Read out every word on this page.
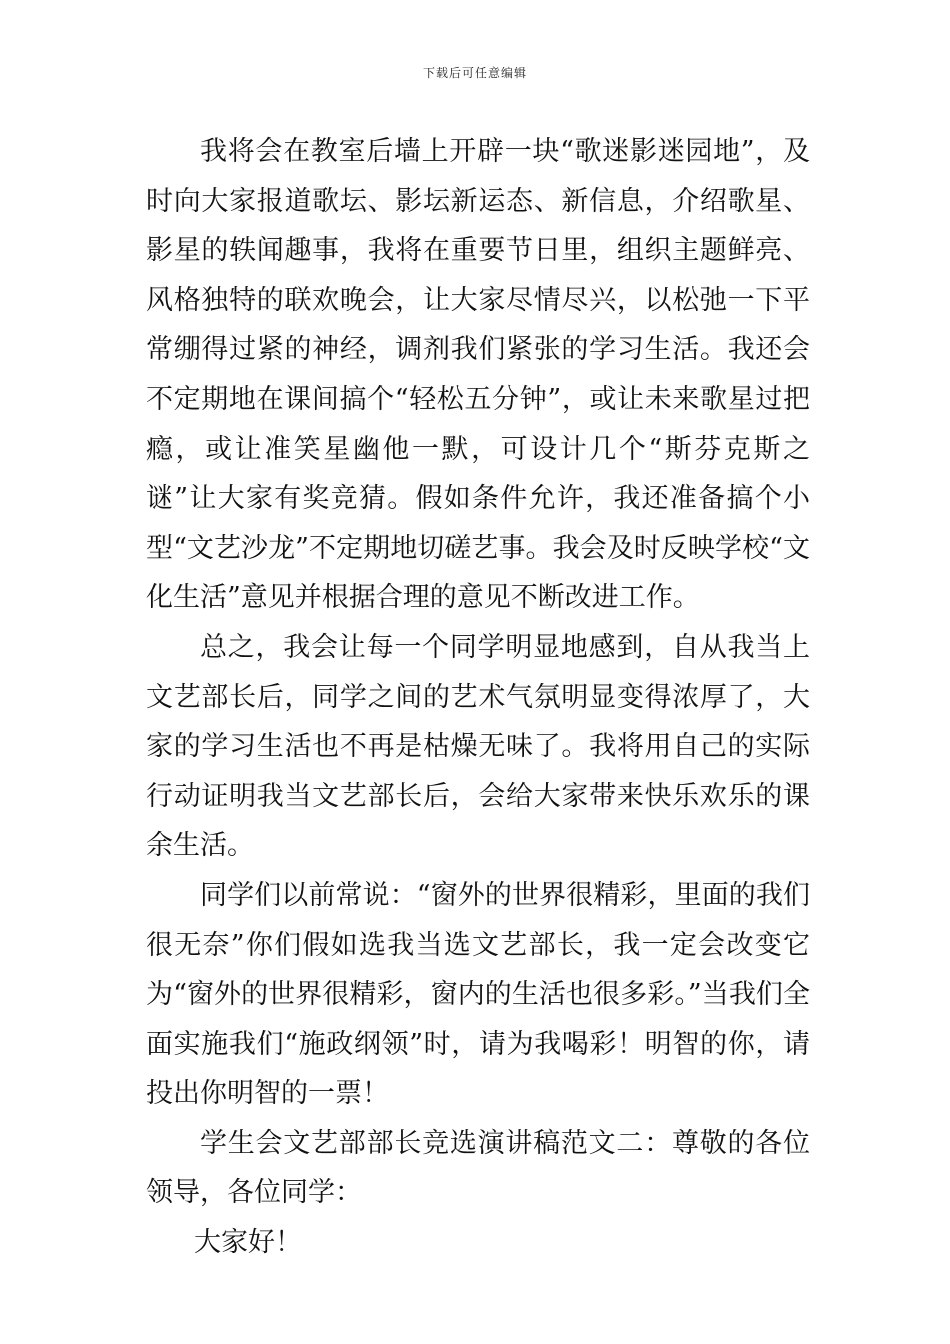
下载后可任意编辑

我将会在教室后墙上开辟一块“歌迷影迷园地”，及时向大家报道歌坛、影坛新运态、新信息，介绍歌星、影星的轶闻趣事，我将在重要节日里，组织主题鲜亮、风格独特的联欢晚会，让大家尽情尽兴，以松弛一下平常绷得过紧的神经，调剂我们紧张的学习生活。我还会不定期地在课间搞个“轻松五分钟”，或让未来歌星过把瘾，或让准笑星幽他一默，可设计几个“斯芬克斯之谜”让大家有奖竞猜。假如条件允许，我还准备搞个小型“文艺沙龙”不定期地切磋艺事。我会及时反映学校“文化生活”意见并根据合理的意见不断改进工作。

总之，我会让每一个同学明显地感到，自从我当上文艺部长后，同学之间的艺术气氛明显变得浓厚了，大家的学习生活也不再是枯燥无味了。我将用自己的实际行动证明我当文艺部长后，会给大家带来快乐欢乐的课余生活。

同学们以前常说：“窗外的世界很精彩，里面的我们很无奈”你们假如选我当选文艺部长，我一定会改变它为“窗外的世界很精彩，窗内的生活也很多彩。”当我们全面实施我们“施政纲领”时，请为我喝彩！明智的你，请投出你明智的一票！

学生会文艺部部长竞选演讲稿范文二：尊敬的各位领导，各位同学：

大家好！
